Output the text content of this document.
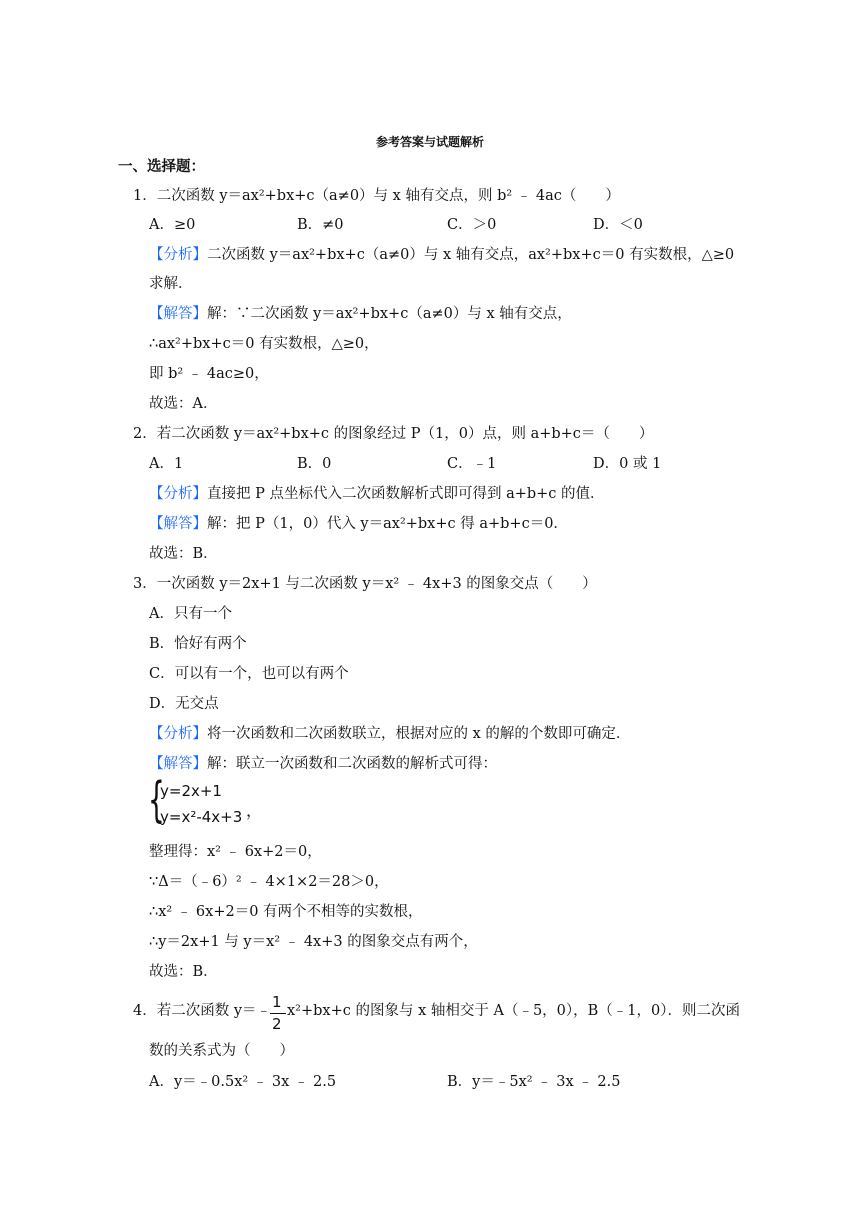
参考答案与试题解析
一、选择题：
1．二次函数 y＝ax²+bx+c（a≠0）与 x 轴有交点，则 b² ﹣ 4ac（　　）
A．≥0	B．≠0	C．＞0	D．＜0
【分析】二次函数 y＝ax²+bx+c（a≠0）与 x 轴有交点，ax²+bx+c＝0 有实数根，△≥0
求解．
【解答】解：∵二次函数 y＝ax²+bx+c（a≠0）与 x 轴有交点，
∴ax²+bx+c＝0 有实数根，△≥0，
即 b² ﹣ 4ac≥0，
故选：A．
2．若二次函数 y＝ax²+bx+c 的图象经过 P（1，0）点，则 a+b+c＝（　　）
A．1	B．0	C．﹣1	D．0 或 1
【分析】直接把 P 点坐标代入二次函数解析式即可得到 a+b+c 的值．
【解答】解：把 P（1，0）代入 y＝ax²+bx+c 得 a+b+c＝0．
故选：B．
3．一次函数 y＝2x+1 与二次函数 y＝x² ﹣ 4x+3 的图象交点（　　）
A．只有一个
B．恰好有两个
C．可以有一个，也可以有两个
D．无交点
【分析】将一次函数和二次函数联立，根据对应的 x 的解的个数即可确定．
【解答】解：联立一次函数和二次函数的解析式可得：
{
y=2x+1
y=x²-4x+3 ，
整理得：x² ﹣ 6x+2＝0，
∵Δ＝（﹣6）² ﹣ 4×1×2＝28＞0，
∴x² ﹣ 6x+2＝0 有两个不相等的实数根，
∴y＝2x+1 与 y＝x² ﹣ 4x+3 的图象交点有两个，
故选：B．
4．若二次函数 y＝﹣ 1
2
x²+bx+c 的图象与 x 轴相交于 A（﹣5，0），B（﹣1，0）．则二次函
数的关系式为（　　）
A．y＝﹣0.5x² ﹣ 3x ﹣ 2.5	B．y＝﹣5x² ﹣ 3x ﹣ 2.5
